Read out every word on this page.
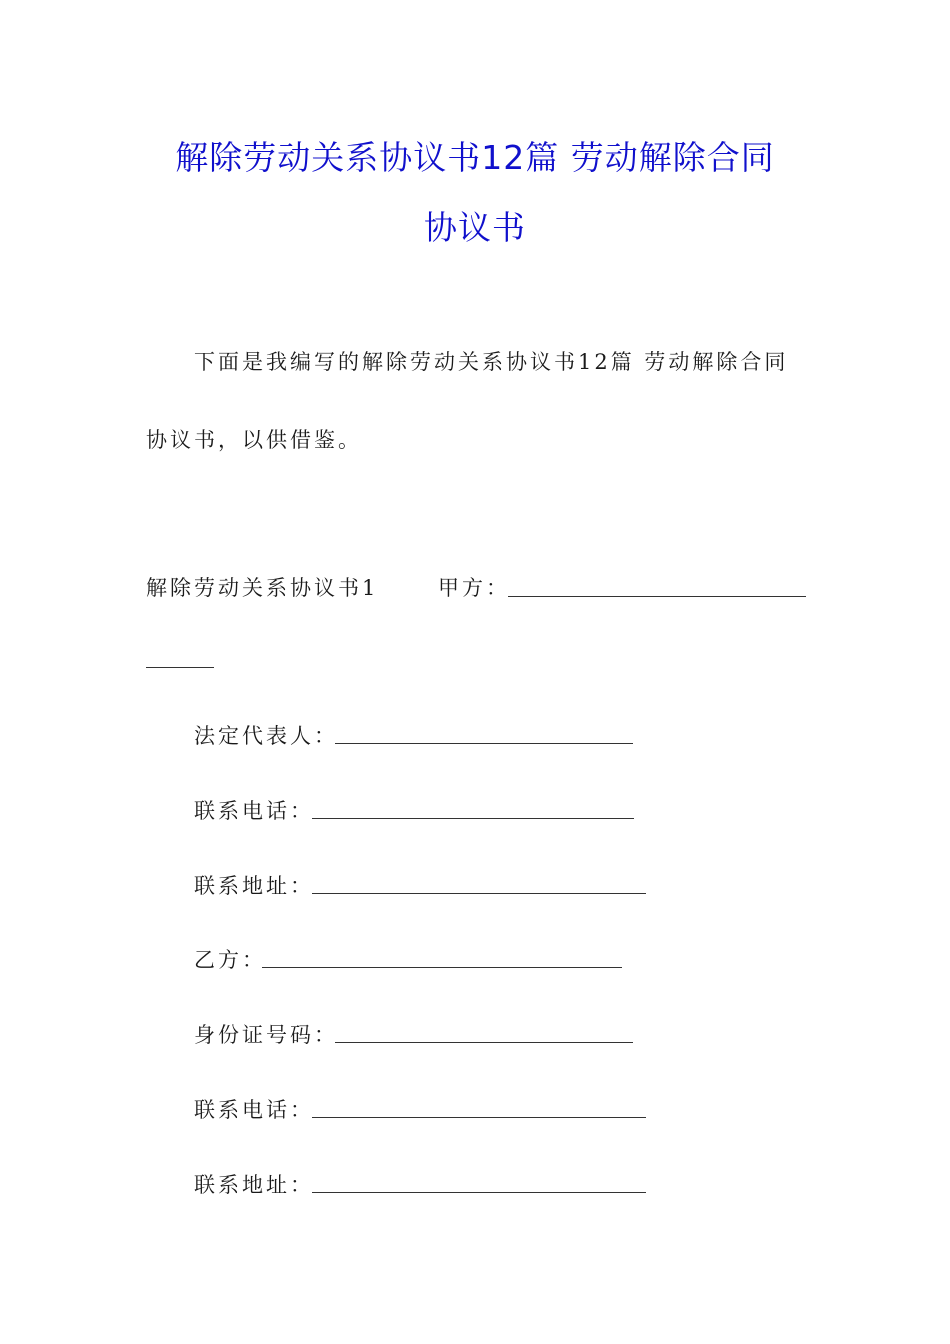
解除劳动关系协议书12篇 劳动解除合同
协议书
下面是我编写的解除劳动关系协议书12篇 劳动解除合同
协议书，以供借鉴。
解除劳动关系协议书1	甲方：
法定代表人：
联系电话：
联系地址：
乙方：
身份证号码：
联系电话：
联系地址：
